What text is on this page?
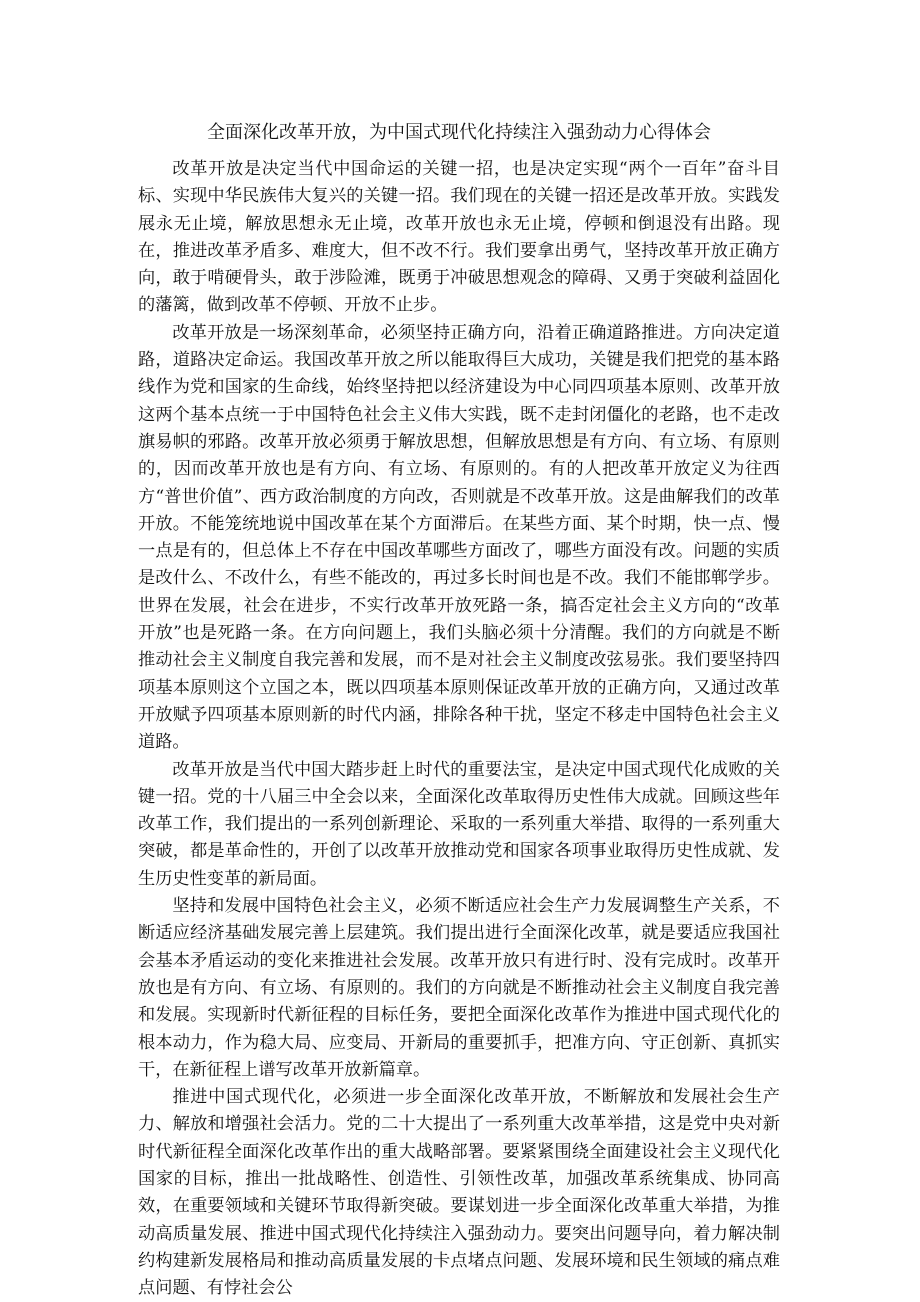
全面深化改革开放，为中国式现代化持续注入强劲动力心得体会

改革开放是决定当代中国命运的关键一招，也是决定实现“两个一百年”奋斗目标、实现中华民族伟大复兴的关键一招。我们现在的关键一招还是改革开放。实践发展永无止境，解放思想永无止境，改革开放也永无止境，停顿和倒退没有出路。现在，推进改革矛盾多、难度大，但不改不行。我们要拿出勇气，坚持改革开放正确方向，敢于啃硬骨头，敢于涉险滩，既勇于冲破思想观念的障碍、又勇于突破利益固化的藩篱，做到改革不停顿、开放不止步。

改革开放是一场深刻革命，必须坚持正确方向，沿着正确道路推进。方向决定道路，道路决定命运。我国改革开放之所以能取得巨大成功，关键是我们把党的基本路线作为党和国家的生命线，始终坚持把以经济建设为中心同四项基本原则、改革开放这两个基本点统一于中国特色社会主义伟大实践，既不走封闭僵化的老路，也不走改旗易帜的邪路。改革开放必须勇于解放思想，但解放思想是有方向、有立场、有原则的，因而改革开放也是有方向、有立场、有原则的。有的人把改革开放定义为往西方“普世价值”、西方政治制度的方向改，否则就是不改革开放。这是曲解我们的改革开放。不能笼统地说中国改革在某个方面滞后。在某些方面、某个时期，快一点、慢一点是有的，但总体上不存在中国改革哪些方面改了，哪些方面没有改。问题的实质是改什么、不改什么，有些不能改的，再过多长时间也是不改。我们不能邯郸学步。世界在发展，社会在进步，不实行改革开放死路一条，搞否定社会主义方向的“改革开放”也是死路一条。在方向问题上，我们头脑必须十分清醒。我们的方向就是不断推动社会主义制度自我完善和发展，而不是对社会主义制度改弦易张。我们要坚持四项基本原则这个立国之本，既以四项基本原则保证改革开放的正确方向，又通过改革开放赋予四项基本原则新的时代内涵，排除各种干扰，坚定不移走中国特色社会主义道路。

改革开放是当代中国大踏步赶上时代的重要法宝，是决定中国式现代化成败的关键一招。党的十八届三中全会以来，全面深化改革取得历史性伟大成就。回顾这些年改革工作，我们提出的一系列创新理论、采取的一系列重大举措、取得的一系列重大突破，都是革命性的，开创了以改革开放推动党和国家各项事业取得历史性成就、发生历史性变革的新局面。

坚持和发展中国特色社会主义，必须不断适应社会生产力发展调整生产关系，不断适应经济基础发展完善上层建筑。我们提出进行全面深化改革，就是要适应我国社会基本矛盾运动的变化来推进社会发展。改革开放只有进行时、没有完成时。改革开放也是有方向、有立场、有原则的。我们的方向就是不断推动社会主义制度自我完善和发展。实现新时代新征程的目标任务，要把全面深化改革作为推进中国式现代化的根本动力，作为稳大局、应变局、开新局的重要抓手，把准方向、守正创新、真抓实干，在新征程上谱写改革开放新篇章。

推进中国式现代化，必须进一步全面深化改革开放，不断解放和发展社会生产力、解放和增强社会活力。党的二十大提出了一系列重大改革举措，这是党中央对新时代新征程全面深化改革作出的重大战略部署。要紧紧围绕全面建设社会主义现代化国家的目标，推出一批战略性、创造性、引领性改革，加强改革系统集成、协同高效，在重要领域和关键环节取得新突破。要谋划进一步全面深化改革重大举措，为推动高质量发展、推进中国式现代化持续注入强劲动力。要突出问题导向，着力解决制约构建新发展格局和推动高质量发展的卡点堵点问题、发展环境和民生领域的痛点难点问题、有悖社会公
